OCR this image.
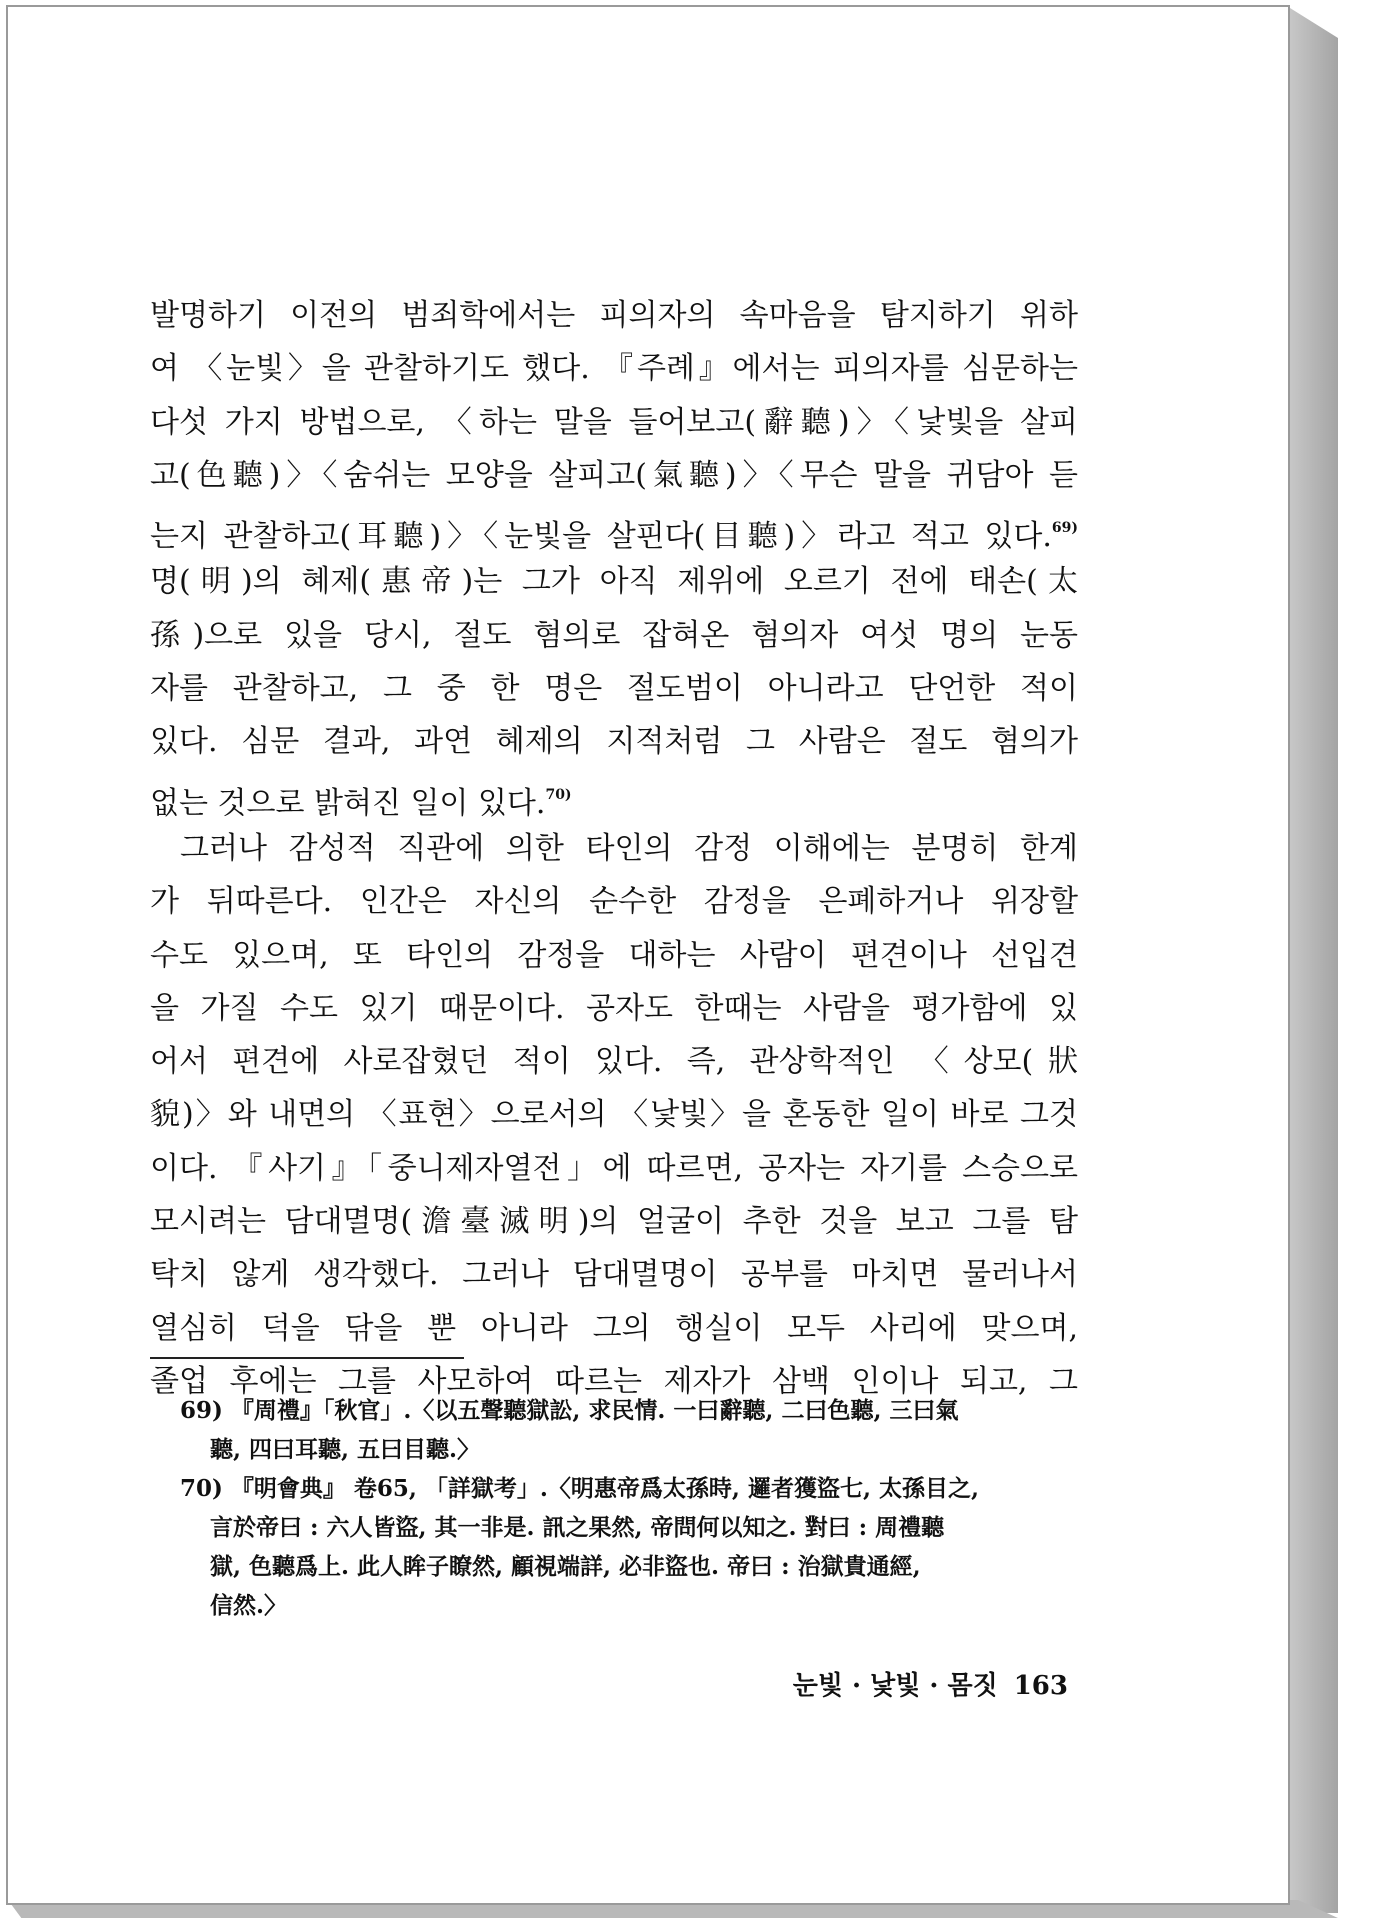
발명하기 이전의 범죄학에서는 피의자의 속마음을 탐지하기 위하
여 〈눈빛〉을 관찰하기도 했다. 『주례』에서는 피의자를 심문하는
다섯 가지 방법으로, 〈하는 말을 들어보고(辭聽)〉〈낯빛을 살피
고(色聽)〉〈숨쉬는 모양을 살피고(氣聽)〉〈무슨 말을 귀담아 듣
는지 관찰하고(耳聽)〉〈눈빛을 살핀다(目聽)〉라고 적고 있다.$^{69)}$
명(明)의 혜제(惠帝)는 그가 아직 제위에 오르기 전에 태손(太
孫)으로 있을 당시, 절도 혐의로 잡혀온 혐의자 여섯 명의 눈동
자를 관찰하고, 그 중 한 명은 절도범이 아니라고 단언한 적이
있다. 심문 결과, 과연 혜제의 지적처럼 그 사람은 절도 혐의가
없는 것으로 밝혀진 일이 있다.$^{70)}$
그러나 감성적 직관에 의한 타인의 감정 이해에는 분명히 한계
가 뒤따른다. 인간은 자신의 순수한 감정을 은폐하거나 위장할
수도 있으며, 또 타인의 감정을 대하는 사람이 편견이나 선입견
을 가질 수도 있기 때문이다. 공자도 한때는 사람을 평가함에 있
어서 편견에 사로잡혔던 적이 있다. 즉, 관상학적인 〈상모(狀
貌)〉와 내면의 〈표현〉으로서의 〈낯빛〉을 혼동한 일이 바로 그것
이다. 『사기』「중니제자열전」에 따르면, 공자는 자기를 스승으로
모시려는 담대멸명(澹臺滅明)의 얼굴이 추한 것을 보고 그를 탐
탁치 않게 생각했다. 그러나 담대멸명이 공부를 마치면 물러나서
열심히 덕을 닦을 뿐 아니라 그의 행실이 모두 사리에 맞으며,
졸업 후에는 그를 사모하여 따르는 제자가 삼백 인이나 되고, 그
69) 『周禮』「秋官」.〈以五聲聽獄訟, 求民情. 一曰辭聽, 二曰色聽, 三曰氣
聽, 四曰耳聽, 五曰目聽.〉
70) 『明會典』 卷65, 「詳獄考」.〈明惠帝爲太孫時, 邏者獲盜七, 太孫目之,
言於帝曰 : 六人皆盜, 其一非是. 訊之果然, 帝問何以知之. 對曰 : 周禮聽
獄, 色聽爲上. 此人眸子瞭然, 顧視端詳, 必非盜也. 帝曰 : 治獄貴通經,
信然.〉
눈빛 · 낯빛 · 몸짓 163
